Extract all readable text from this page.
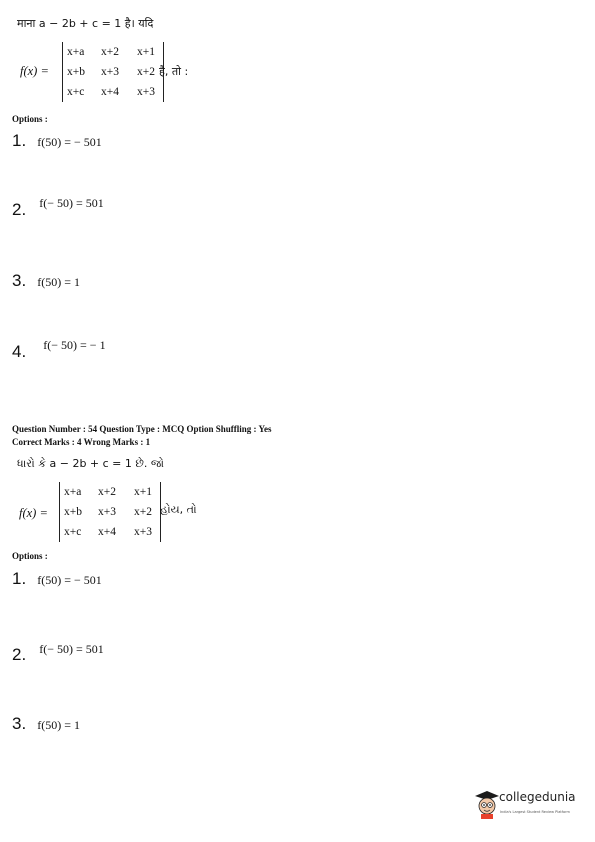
माना a − 2b + c = 1 है। यदि
f(x) =
x+a	x+2	x+1
x+b	x+3	x+2
x+c	x+4	x+3
है, तो :
Options :
1. f(50) = − 501
2. $^{f(- 50) = 501}$
3. f(50) = 1
4. $^{f(- 50) = - 1}$
Question Number : 54 Question Type : MCQ Option Shuffling : Yes
Correct Marks : 4 Wrong Marks : 1
ધારો કે a − 2b + c = 1 છે. જો
f(x) =
x+a	x+2	x+1
x+b	x+3	x+2
x+c	x+4	x+3
હોય, તો
Options :
1. f(50) = − 501
2. $^{f(- 50) = 501}$
3. f(50) = 1
collegedunia
India's Largest Student Review Platform
